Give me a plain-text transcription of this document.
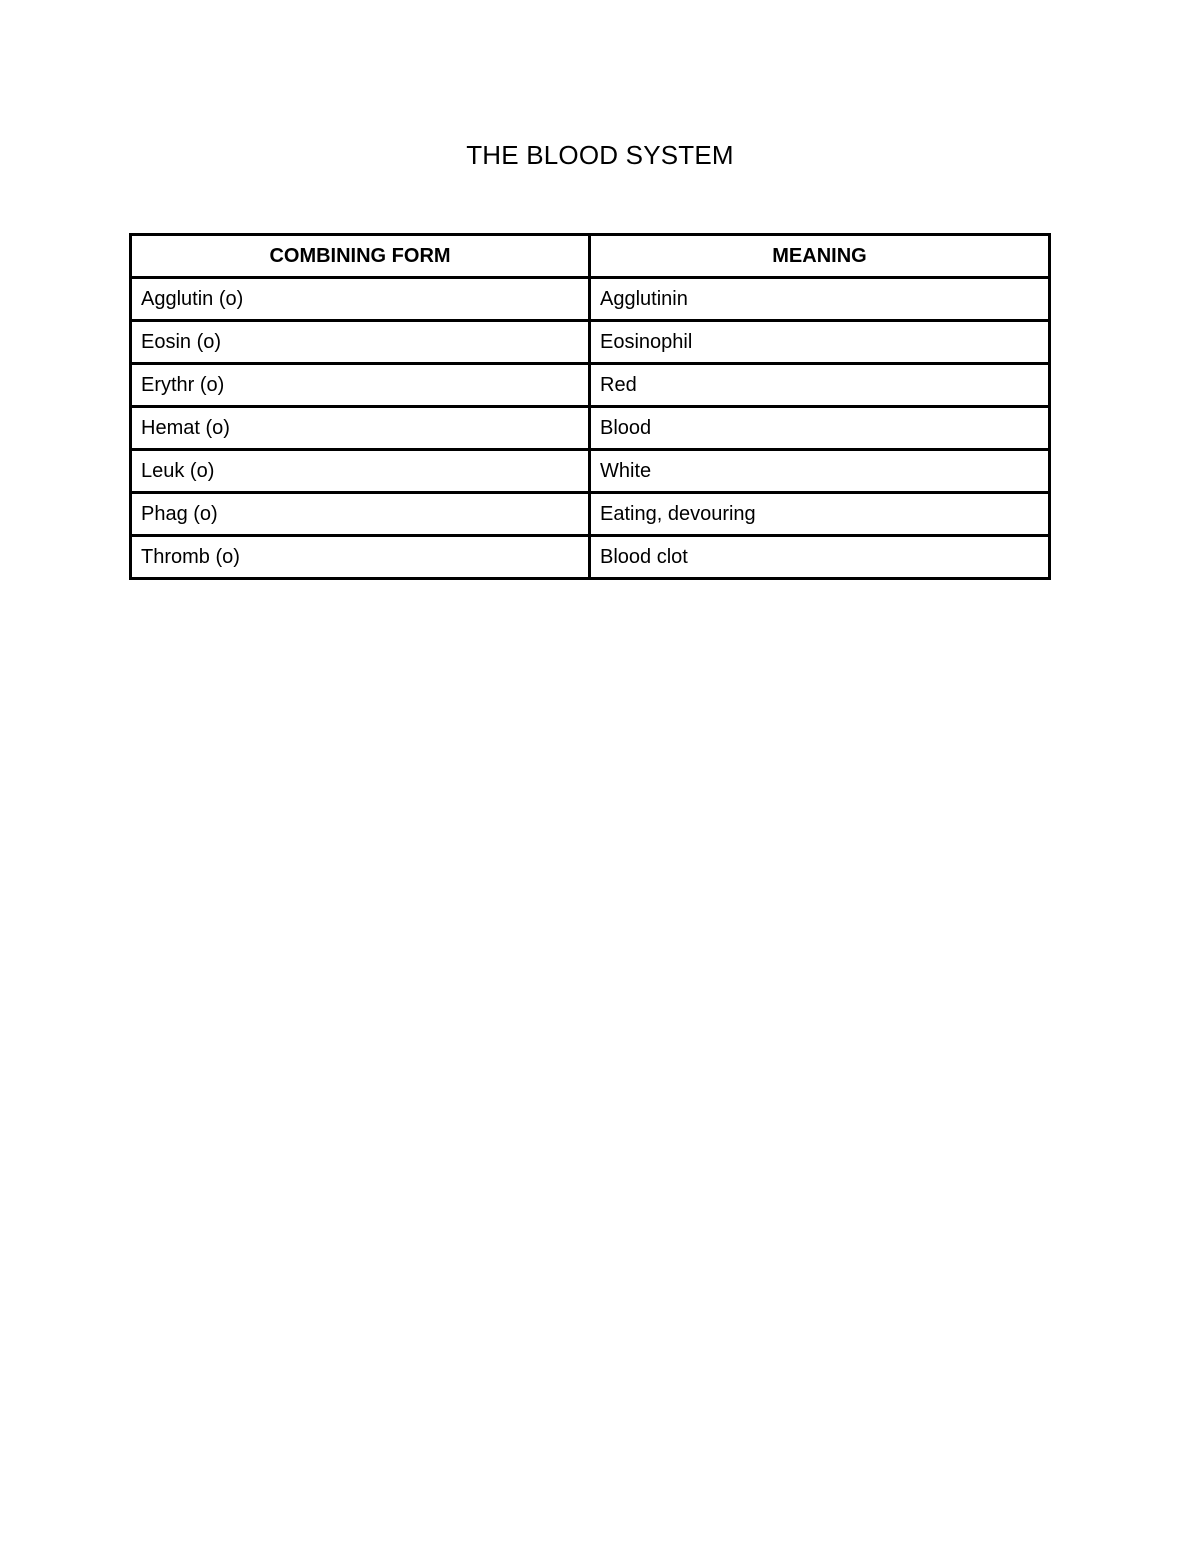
THE BLOOD SYSTEM
COMBINING FORM	MEANING
Agglutin (o)	Agglutinin
Eosin (o)	Eosinophil
Erythr (o)	Red
Hemat (o)	Blood
Leuk (o)	White
Phag (o)	Eating, devouring
Thromb (o)	Blood clot
